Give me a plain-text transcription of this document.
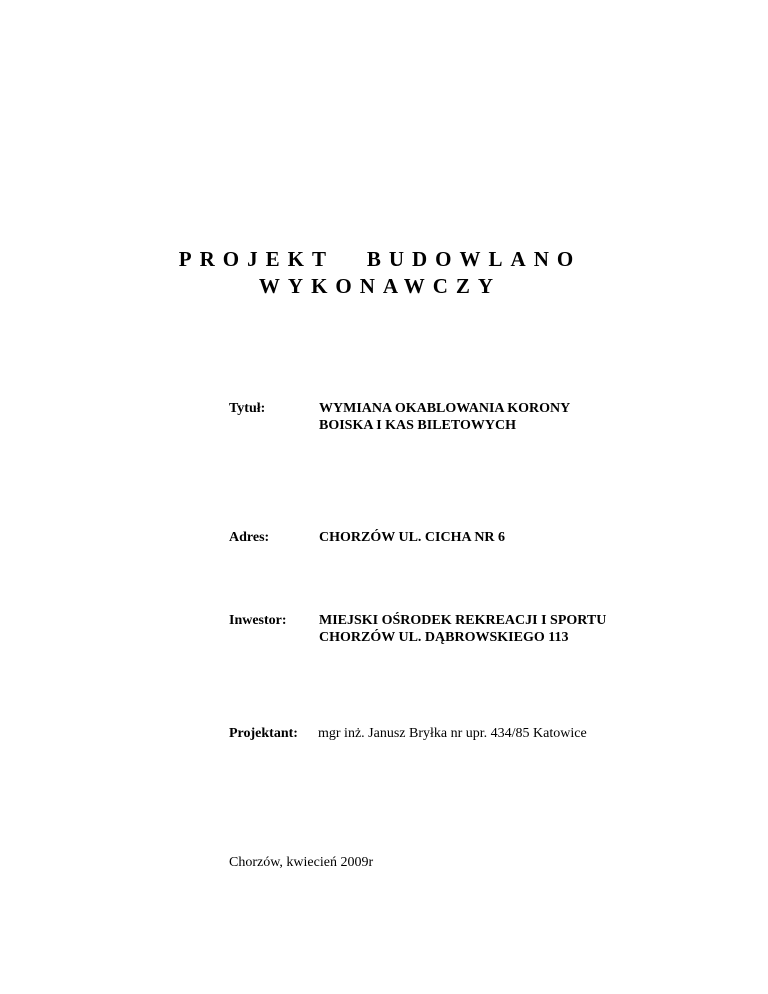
PROJEKT BUDOWLANO
WYKONAWCZY
Tytuł:	WYMIANA OKABLOWANIA KORONY
BOISKA I KAS BILETOWYCH
Adres:	CHORZÓW UL. CICHA NR 6
Inwestor: MIEJSKI OŚRODEK REKREACJI I SPORTU
CHORZÓW UL. DĄBROWSKIEGO 113
Projektant: mgr inż. Janusz Bryłka nr upr. 434/85 Katowice
Chorzów, kwiecień 2009r
